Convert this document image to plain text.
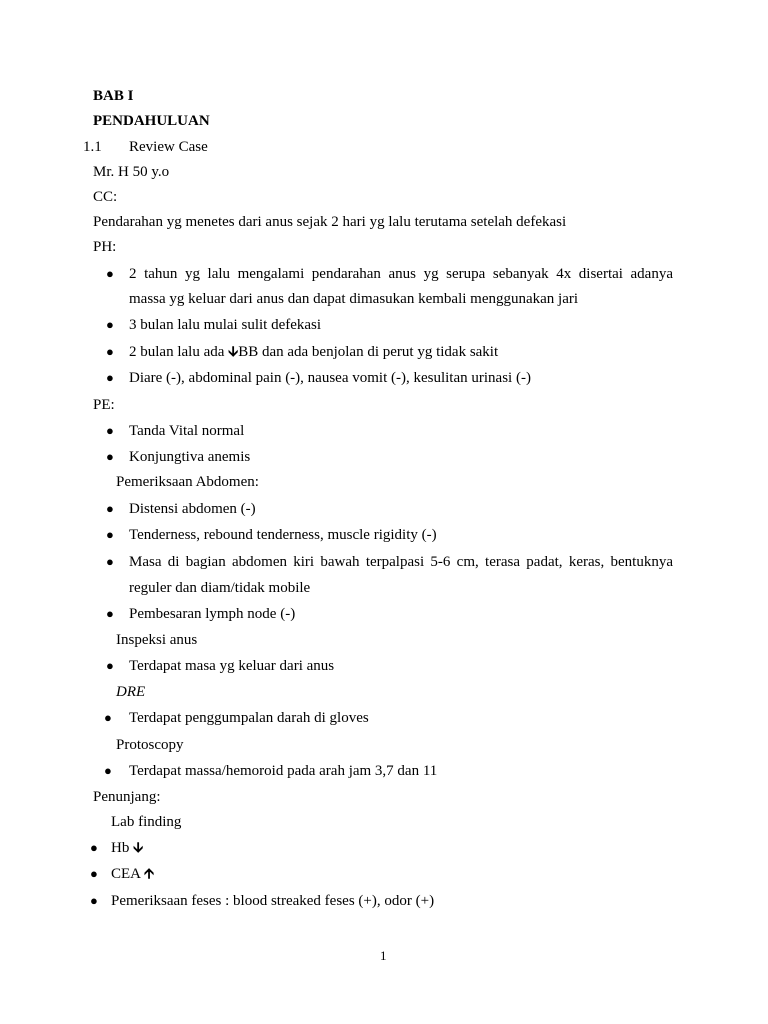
BAB I
PENDAHULUAN
1.1 Review Case
Mr. H 50 y.o
CC:
Pendarahan yg menetes dari anus sejak 2 hari yg lalu terutama setelah defekasi
PH:
● 2 tahun yg lalu mengalami pendarahan anus yg serupa sebanyak 4x disertai adanya
massa yg keluar dari anus dan dapat dimasukan kembali menggunakan jari
● 3 bulan lalu mulai sulit defekasi
● 2 bulan lalu ada 🡫BB dan ada benjolan di perut yg tidak sakit
● Diare (-), abdominal pain (-), nausea vomit (-), kesulitan urinasi (-)
PE:
● Tanda Vital normal
● Konjungtiva anemis
Pemeriksaan Abdomen:
● Distensi abdomen (-)
● Tenderness, rebound tenderness, muscle rigidity (-)
● Masa di bagian abdomen kiri bawah terpalpasi 5-6 cm, terasa padat, keras, bentuknya
reguler dan diam/tidak mobile
● Pembesaran lymph node (-)
Inspeksi anus
● Terdapat masa yg keluar dari anus
DRE
● Terdapat penggumpalan darah di gloves
Protoscopy
● Terdapat massa/hemoroid pada arah jam 3,7 dan 11
Penunjang:
Lab finding
● Hb 🡫
● CEA 🡩
● Pemeriksaan feses : blood streaked feses (+), odor (+)
1
